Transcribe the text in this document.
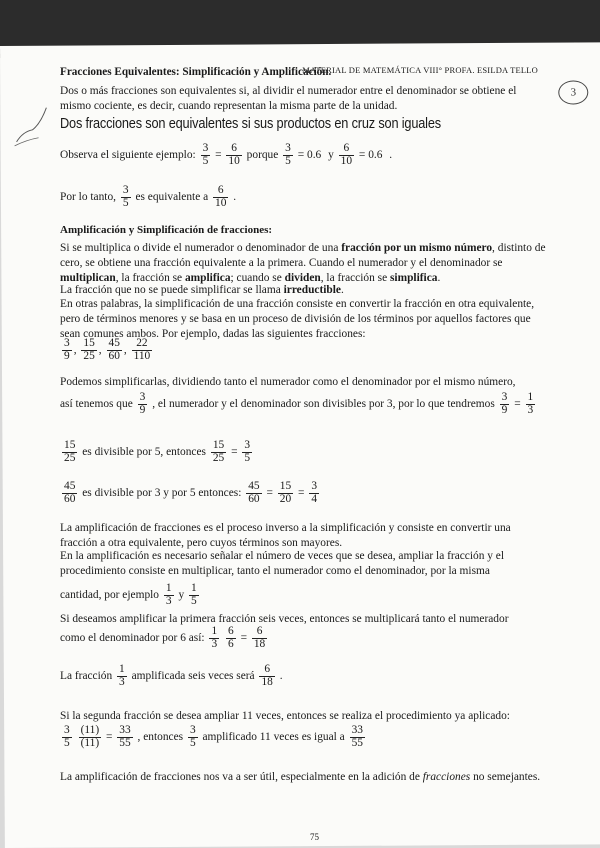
3
MATERIAL DE MATEMÁTICA VIII° PROFA. ESILDA TELLO
Fracciones Equivalentes: Simplificación y Amplificación.
Dos o más fracciones son equivalentes si, al dividir el numerador entre el denominador se obtiene el mismo cociente, es decir, cuando representan la misma parte de la unidad.
Dos fracciones son equivalentes si sus productos en cruz son iguales
Observa el siguiente ejemplo: $\frac{3}{5} = \frac{6}{10}$ porque $\frac{3}{5} = 0.6$ y $\frac{6}{10} = 0.6$ .
Por lo tanto, $\frac{3}{5}$ es equivalente a $\frac{6}{10}$ .
Amplificación y Simplificación de fracciones:
Si se multiplica o divide el numerador o denominador de una fracción por un mismo número, distinto de cero, se obtiene una fracción equivalente a la primera. Cuando el numerador y el denominador se multiplican, la fracción se amplifica; cuando se dividen, la fracción se simplifica.
La fracción que no se puede simplificar se llama irreductible.
En otras palabras, la simplificación de una fracción consiste en convertir la fracción en otra equivalente, pero de términos menores y se basa en un proceso de división de los términos por aquellos factores que sean comunes ambos. Por ejemplo, dadas las siguientes fracciones:
$\frac{3}{9}$ , $\frac{15}{25}$ , $\frac{45}{60}$ , $\frac{22}{110}$
Podemos simplificarlas, dividiendo tanto el numerador como el denominador por el mismo número,
así tenemos que $\frac{3}{9}$ , el numerador y el denominador son divisibles por 3, por lo que tendremos $\frac{3}{9} = \frac{1}{3}$
$\frac{15}{25}$ es divisible por 5, entonces $\frac{15}{25} = \frac{3}{5}$
$\frac{45}{60}$ es divisible por 3 y por 5 entonces: $\frac{45}{60} = \frac{15}{20} = \frac{3}{4}$
La amplificación de fracciones es el proceso inverso a la simplificación y consiste en convertir una fracción a otra equivalente, pero cuyos términos son mayores.
En la amplificación es necesario señalar el número de veces que se desea, ampliar la fracción y el procedimiento consiste en multiplicar, tanto el numerador como el denominador, por la misma
cantidad, por ejemplo $\frac{1}{3}$ y $\frac{1}{5}$
Si deseamos amplificar la primera fracción seis veces, entonces se multiplicará tanto el numerador
como el denominador por 6 así: $\frac{1}{3}$
$\frac{6}{6} = \frac{6}{18}$
La fracción $\frac{1}{3}$ amplificada seis veces será $\frac{6}{18}$ .
Si la segunda fracción se desea ampliar 11 veces, entonces se realiza el procedimiento ya aplicado:
$\frac{3}{5}$
$\frac{(11)}{(11)} = \frac{33}{55}$ , entonces $\frac{3}{5}$ amplificado 11 veces es igual a $\frac{33}{55}$
La amplificación de fracciones nos va a ser útil, especialmente en la adición de fracciones no semejantes.
75
